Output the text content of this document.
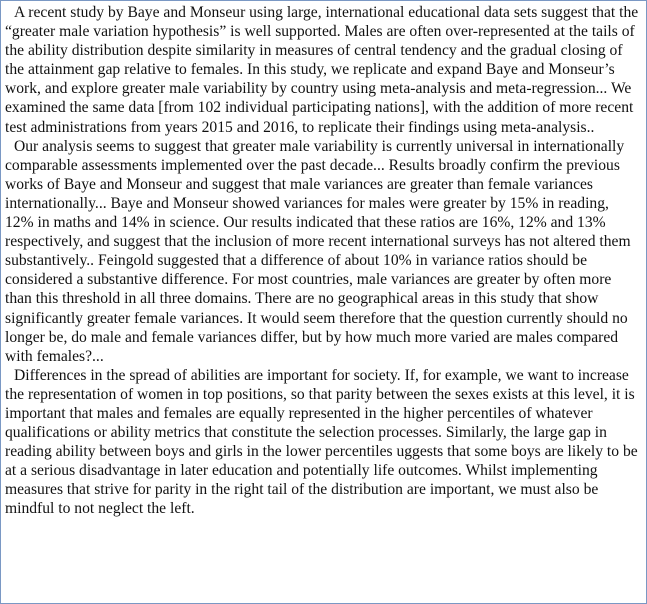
A recent study by Baye and Monseur using large, international educational data sets suggest that the “greater male variation hypothesis” is well supported. Males are often over-represented at the tails of the ability distribution despite similarity in measures of central tendency and the gradual closing of the attainment gap relative to females. In this study, we replicate and expand Baye and Monseur’s work, and explore greater male variability by country using meta-analysis and meta-regression... We examined the same data [from 102 individual participating nations], with the addition of more recent test administrations from years 2015 and 2016, to replicate their findings using meta-analysis..

Our analysis seems to suggest that greater male variability is currently universal in internationally comparable assessments implemented over the past decade... Results broadly confirm the previous works of Baye and Monseur and suggest that male variances are greater than female variances internationally... Baye and Monseur showed variances for males were greater by 15% in reading, 12% in maths and 14% in science. Our results indicated that these ratios are 16%, 12% and 13% respectively, and suggest that the inclusion of more recent international surveys has not altered them substantively.. Feingold suggested that a difference of about 10% in variance ratios should be considered a substantive difference. For most countries, male variances are greater by often more than this threshold in all three domains. There are no geographical areas in this study that show significantly greater female variances. It would seem therefore that the question currently should no longer be, do male and female variances differ, but by how much more varied are males compared with females?...

Differences in the spread of abilities are important for society. If, for example, we want to increase the representation of women in top positions, so that parity between the sexes exists at this level, it is important that males and females are equally represented in the higher percentiles of whatever qualifications or ability metrics that constitute the selection processes. Similarly, the large gap in reading ability between boys and girls in the lower percentiles uggests that some boys are likely to be at a serious disadvantage in later education and potentially life outcomes. Whilst implementing measures that strive for parity in the right tail of the distribution are important, we must also be mindful to not neglect the left.
